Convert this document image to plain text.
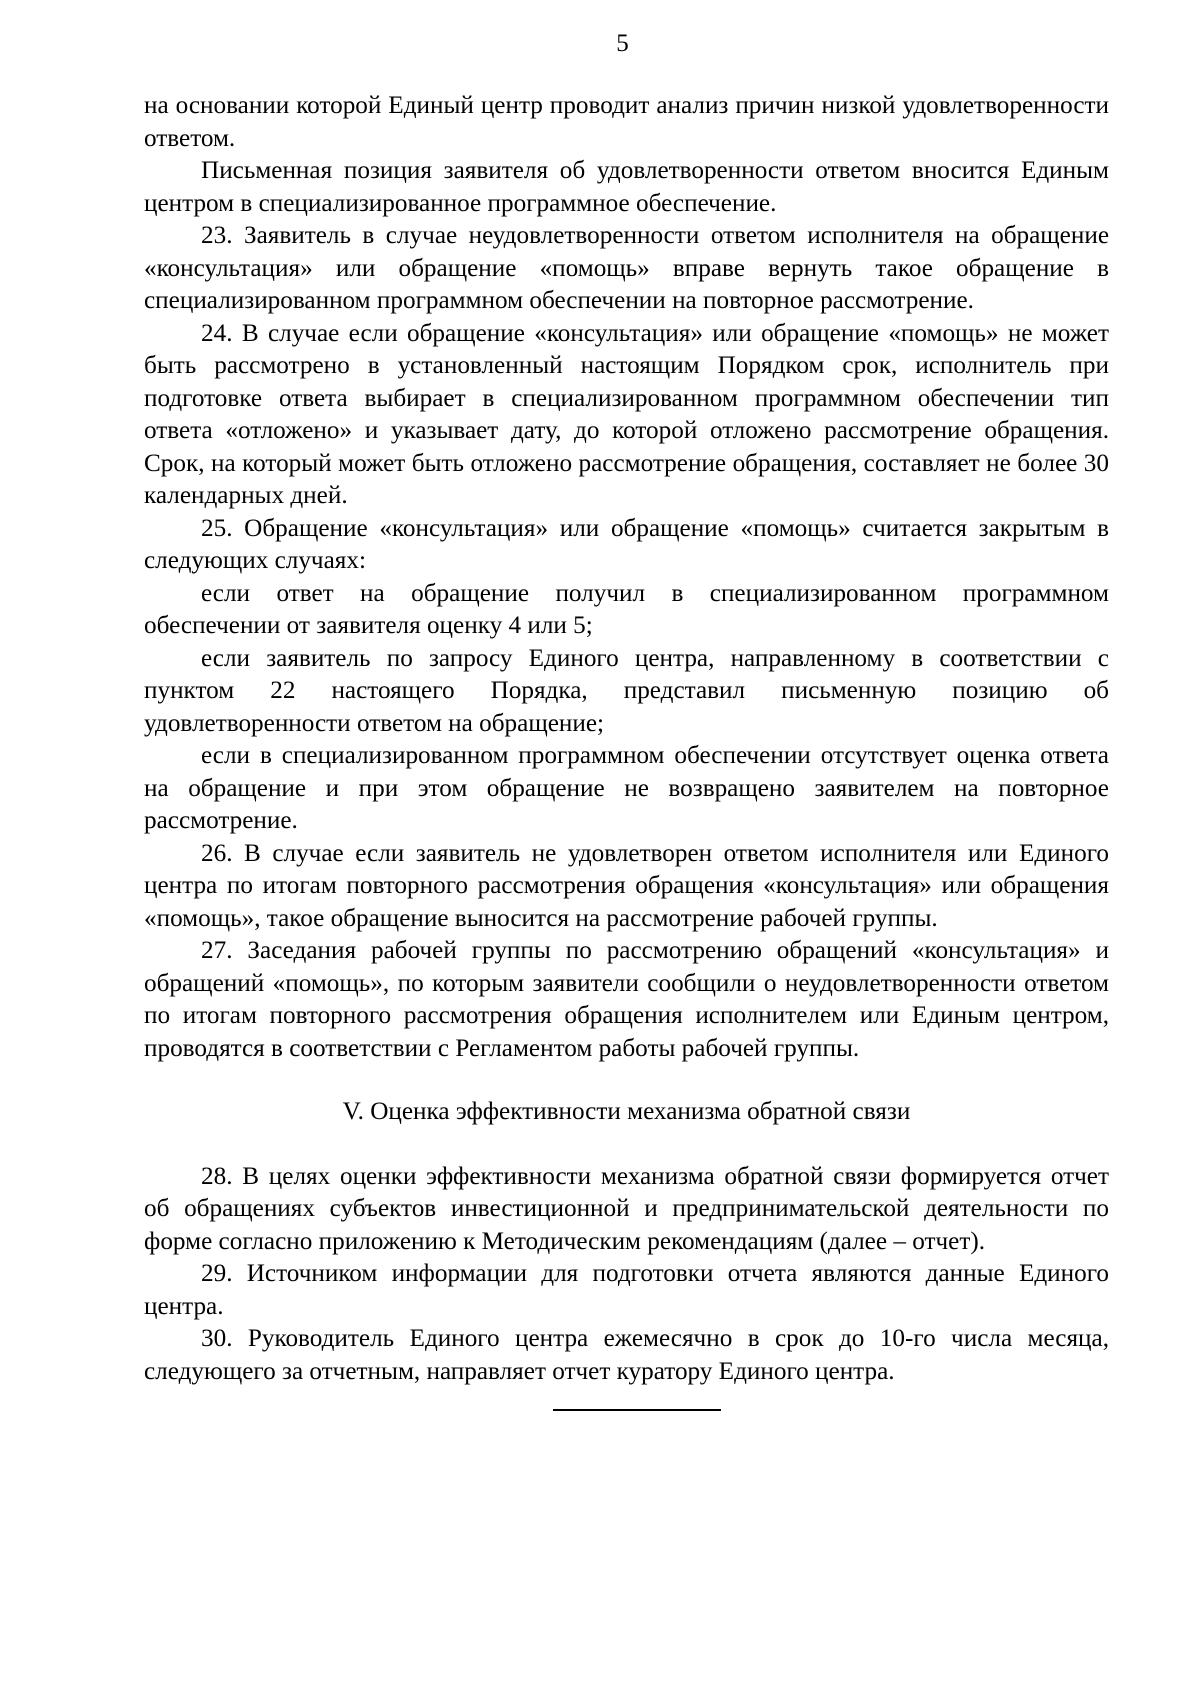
5

на основании которой Единый центр проводит анализ причин низкой удовлетворенности ответом.

Письменная позиция заявителя об удовлетворенности ответом вносится Единым центром в специализированное программное обеспечение.

23. Заявитель в случае неудовлетворенности ответом исполнителя на обращение «консультация» или обращение «помощь» вправе вернуть такое обращение в специализированном программном обеспечении на повторное рассмотрение.

24. В случае если обращение «консультация» или обращение «помощь» не может быть рассмотрено в установленный настоящим Порядком срок, исполнитель при подготовке ответа выбирает в специализированном программном обеспечении тип ответа «отложено» и указывает дату, до которой отложено рассмотрение обращения. Срок, на который может быть отложено рассмотрение обращения, составляет не более 30 календарных дней.

25. Обращение «консультация» или обращение «помощь» считается закрытым в следующих случаях:

если ответ на обращение получил в специализированном программном обеспечении от заявителя оценку 4 или 5;

если заявитель по запросу Единого центра, направленному в соответствии с пунктом 22 настоящего Порядка, представил письменную позицию об удовлетворенности ответом на обращение;

если в специализированном программном обеспечении отсутствует оценка ответа на обращение и при этом обращение не возвращено заявителем на повторное рассмотрение.

26. В случае если заявитель не удовлетворен ответом исполнителя или Единого центра по итогам повторного рассмотрения обращения «консультация» или обращения «помощь», такое обращение выносится на рассмотрение рабочей группы.

27. Заседания рабочей группы по рассмотрению обращений «консультация» и обращений «помощь», по которым заявители сообщили о неудовлетворенности ответом по итогам повторного рассмотрения обращения исполнителем или Единым центром, проводятся в соответствии с Регламентом работы рабочей группы.

V. Оценка эффективности механизма обратной связи

28. В целях оценки эффективности механизма обратной связи формируется отчет об обращениях субъектов инвестиционной и предпринимательской деятельности по форме согласно приложению к Методическим рекомендациям (далее – отчет).

29. Источником информации для подготовки отчета являются данные Единого центра.

30. Руководитель Единого центра ежемесячно в срок до 10-го числа месяца, следующего за отчетным, направляет отчет куратору Единого центра.
